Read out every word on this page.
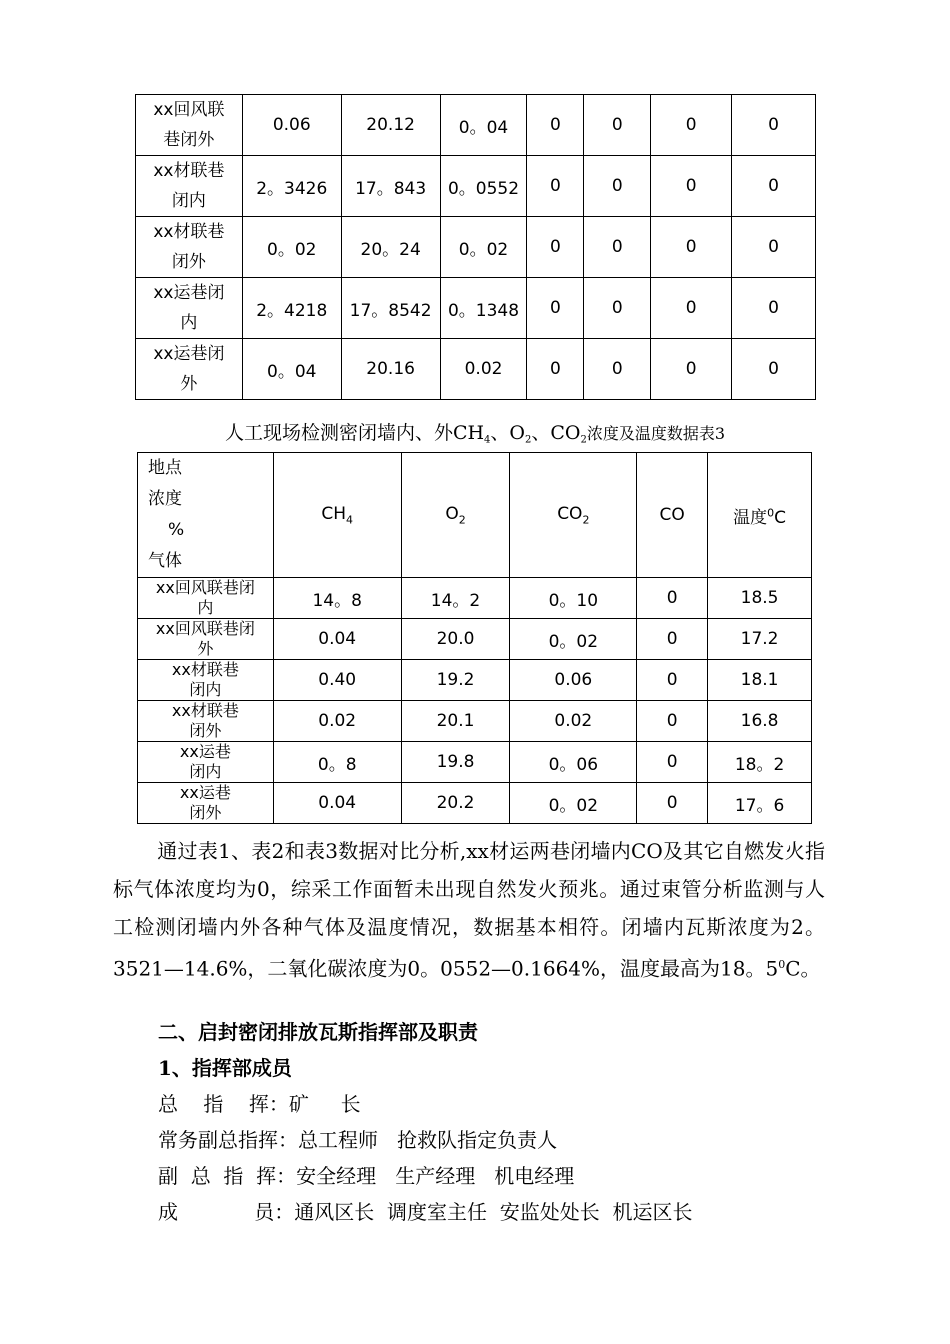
xx回风联
巷闭外	0.06	20.12	0。04	0	0	0	0

xx材联巷
闭内	2。3426	17。843	0。0552	0	0	0	0

xx材联巷
闭外	0。02	20。24	0。02	0	0	0	0

xx运巷闭
内	2。4218	17。8542	0。1348	0	0	0	0

xx运巷闭
外	0。04	20.16	0.02	0	0	0	0
人工现场检测密闭墙内、外$CH_4$、$O_2$、$CO_2$浓度及温度数据表3
地点
浓度
%
气体	$CH_4$	$O_2$	$CO_2$	CO	温度$^0$C

xx回风联巷闭
内	14。8	14。2	0。10	0	18.5

xx回风联巷闭
外	0.04	20.0	0。02	0	17.2

xx材联巷
闭内	0.40	19.2	0.06	0	18.1

xx材联巷
闭外	0.02	20.1	0.02	0	16.8

xx运巷
闭内	0。8	19.8	0。06	0	18。2

xx运巷
闭外	0.04	20.2	0。02	0	17。6
通过表1、表2和表3数据对比分析,xx材运两巷闭墙内CO及其它自燃发火指标气体浓度均为0，综采工作面暂未出现自然发火预兆。通过束管分析监测与人工检测闭墙内外各种气体及温度情况，数据基本相符。闭墙内瓦斯浓度为2。3521—14.6%，二氧化碳浓度为0。0552—0.1664%，温度最高为18。$5^0C$。
二、启封密闭排放瓦斯指挥部及职责
1、指挥部成员
总    指    挥：矿     长
常务副总指挥：总工程师   抢救队指定负责人
副  总  指  挥：安全经理   生产经理   机电经理
成            员：通风区长  调度室主任  安监处处长  机运区长
